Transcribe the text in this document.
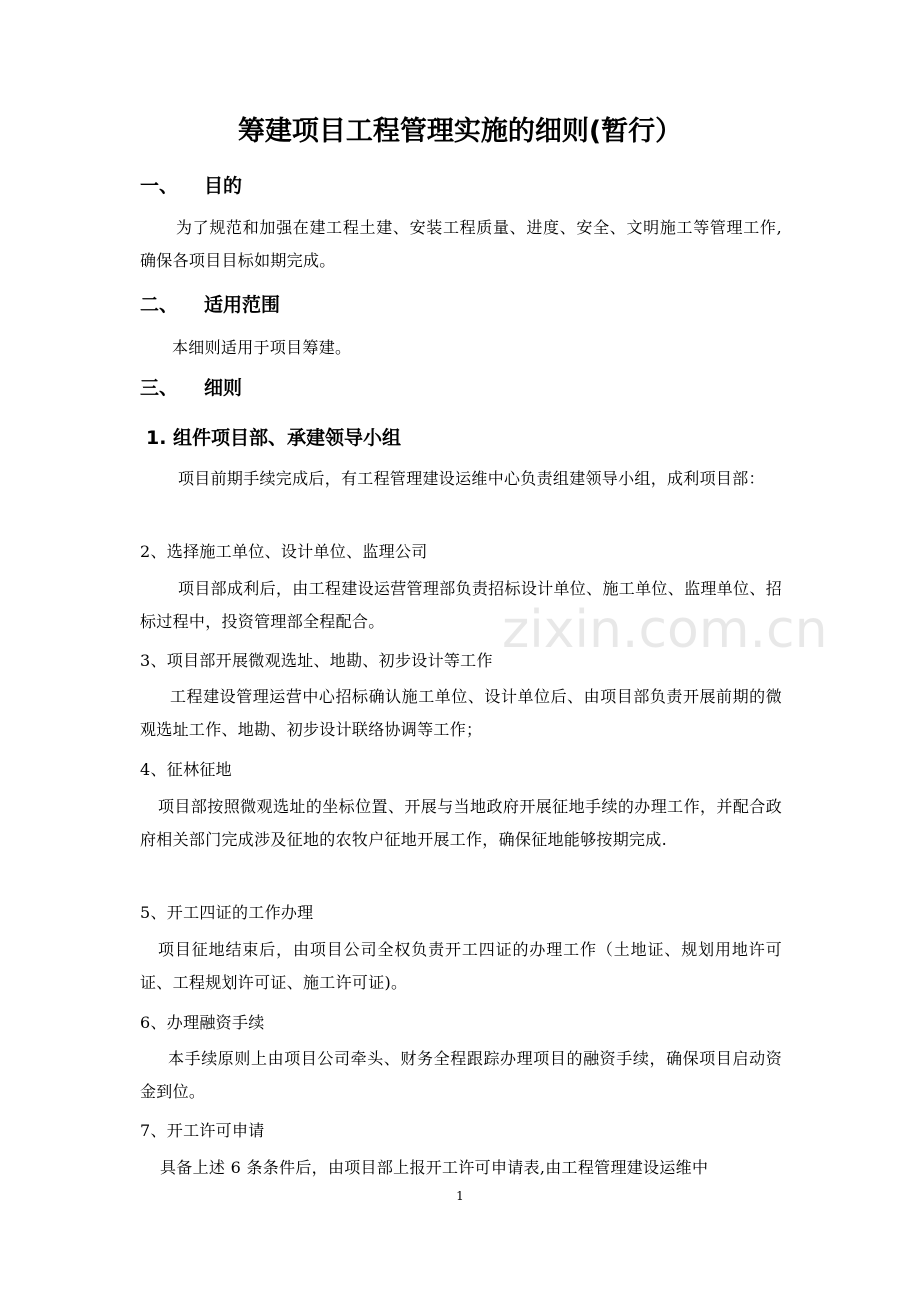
筹建项目工程管理实施的细则(暂行）
一、 目的
为了规范和加强在建工程土建、安装工程质量、进度、安全、文明施工等管理工作,确保各项目目标如期完成。
二、 适用范围
本细则适用于项目筹建。
三、 细则
1. 组件项目部、承建领导小组
项目前期手续完成后，有工程管理建设运维中心负责组建领导小组，成利项目部：
2、选择施工单位、设计单位、监理公司
项目部成利后，由工程建设运营管理部负责招标设计单位、施工单位、监理单位、招标过程中，投资管理部全程配合。
3、项目部开展微观选址、地勘、初步设计等工作
工程建设管理运营中心招标确认施工单位、设计单位后、由项目部负责开展前期的微观选址工作、地勘、初步设计联络协调等工作；
4、征林征地
项目部按照微观选址的坐标位置、开展与当地政府开展征地手续的办理工作，并配合政府相关部门完成涉及征地的农牧户征地开展工作，确保征地能够按期完成.
5、开工四证的工作办理
项目征地结束后，由项目公司全权负责开工四证的办理工作（土地证、规划用地许可证、工程规划许可证、施工许可证)。
6、办理融资手续
本手续原则上由项目公司牵头、财务全程跟踪办理项目的融资手续，确保项目启动资金到位。
7、开工许可申请
具备上述 6 条条件后，由项目部上报开工许可申请表,由工程管理建设运维中
zixin.com.cn
1
